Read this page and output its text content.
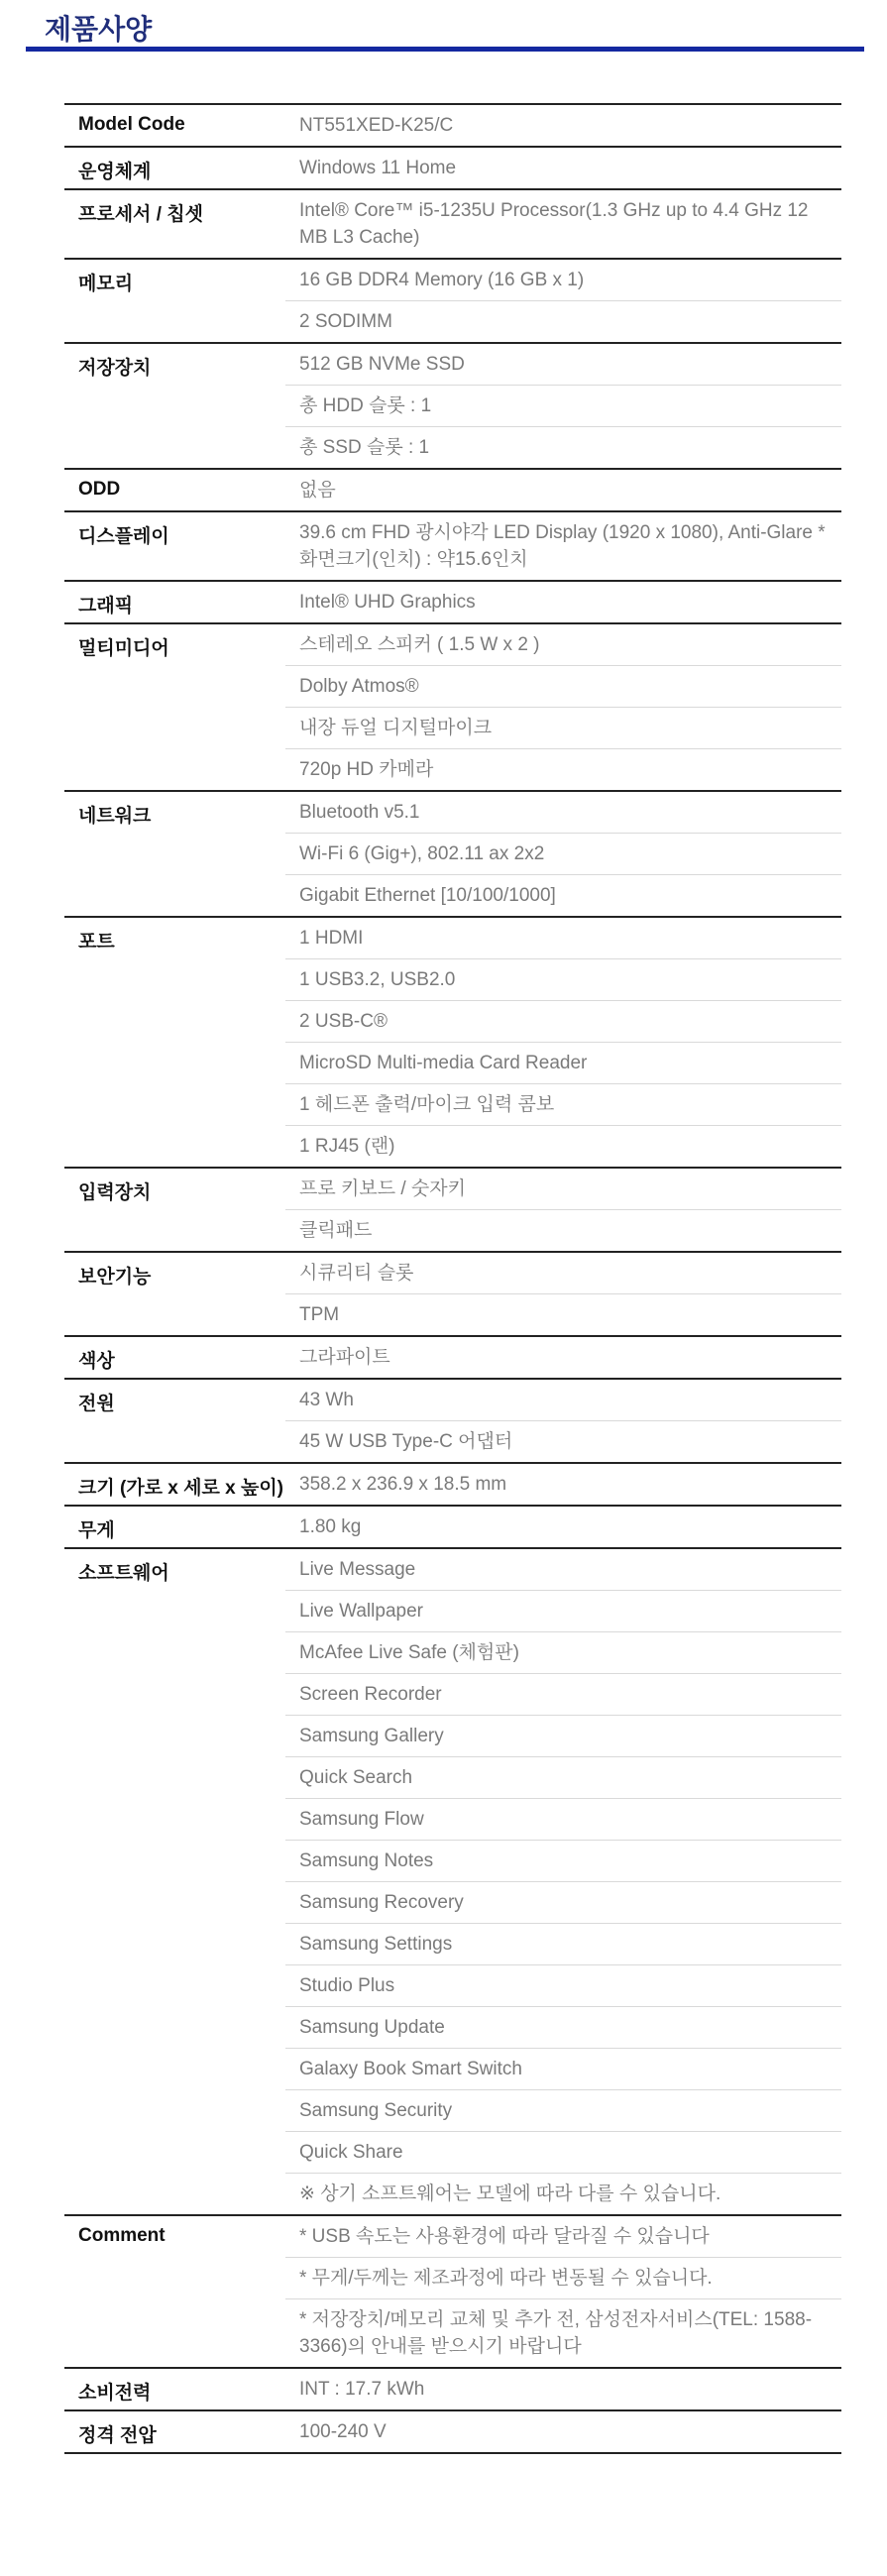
제품사양
Model Code	NT551XED-K25/C
운영체계	Windows 11 Home
프로세서 / 칩셋	Intel® Core™ i5-1235U Processor(1.3 GHz up to 4.4 GHz 12 MB L3 Cache)
메모리	16 GB DDR4 Memory (16 GB x 1)
	2 SODIMM
저장장치	512 GB NVMe SSD
	총 HDD 슬롯 : 1
	총 SSD 슬롯 : 1
ODD	없음
디스플레이	39.6 cm FHD 광시야각 LED Display (1920 x 1080), Anti-Glare *화면크기(인치) : 약15.6인치
그래픽	Intel® UHD Graphics
멀티미디어	스테레오 스피커 ( 1.5 W x 2 )
	Dolby Atmos®
	내장 듀얼 디지털마이크
	720p HD 카메라
네트워크	Bluetooth v5.1
	Wi-Fi 6 (Gig+), 802.11 ax 2x2
	Gigabit Ethernet [10/100/1000]
포트	1 HDMI
	1 USB3.2, USB2.0
	2 USB-C®
	MicroSD Multi-media Card Reader
	1 헤드폰 출력/마이크 입력 콤보
	1 RJ45 (랜)
입력장치	프로 키보드 / 숫자키
	클릭패드
보안기능	시큐리티 슬롯
	TPM
색상	그라파이트
전원	43 Wh
	45 W USB Type-C 어댑터
크기 (가로 x 세로 x 높이)	358.2 x 236.9 x 18.5 mm
무게	1.80 kg
소프트웨어	Live Message
	Live Wallpaper
	McAfee Live Safe (체험판)
	Screen Recorder
	Samsung Gallery
	Quick Search
	Samsung Flow
	Samsung Notes
	Samsung Recovery
	Samsung Settings
	Studio Plus
	Samsung Update
	Galaxy Book Smart Switch
	Samsung Security
	Quick Share
	※ 상기 소프트웨어는 모델에 따라 다를 수 있습니다.
Comment	* USB 속도는 사용환경에 따라 달라질 수 있습니다
	* 무게/두께는 제조과정에 따라 변동될 수 있습니다.
	* 저장장치/메모리 교체 및 추가 전, 삼성전자서비스(TEL: 1588-3366)의 안내를 받으시기 바랍니다
소비전력	INT : 17.7 kWh
정격 전압	100-240 V
